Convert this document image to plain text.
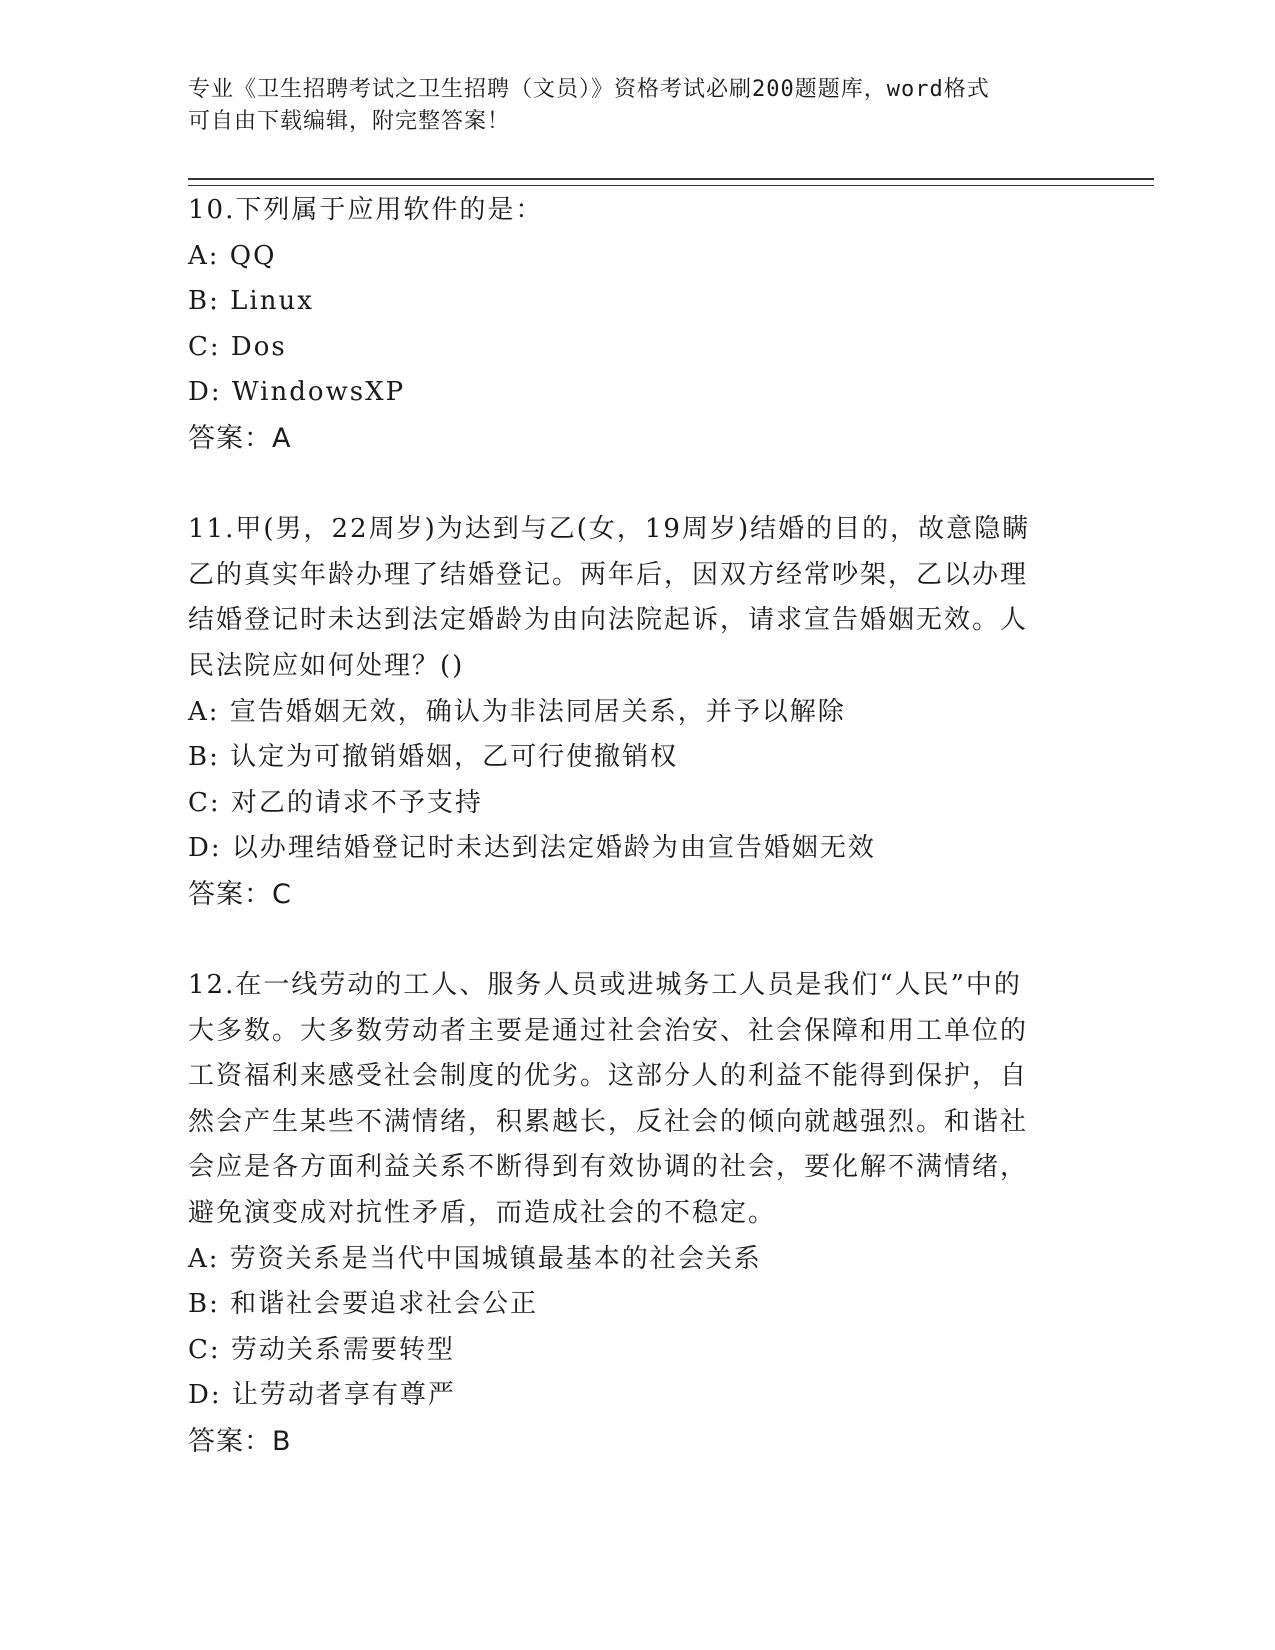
专业《卫生招聘考试之卫生招聘（文员）》资格考试必刷200题题库，word格式
可自由下载编辑，附完整答案！
10.下列属于应用软件的是：
A: QQ
B: Linux
C: Dos
D: WindowsXP
答案：A
11.甲(男，22周岁)为达到与乙(女，19周岁)结婚的目的，故意隐瞒
乙的真实年龄办理了结婚登记。两年后，因双方经常吵架，乙以办理
结婚登记时未达到法定婚龄为由向法院起诉，请求宣告婚姻无效。人
民法院应如何处理？()
A: 宣告婚姻无效，确认为非法同居关系，并予以解除
B: 认定为可撤销婚姻，乙可行使撤销权
C: 对乙的请求不予支持
D: 以办理结婚登记时未达到法定婚龄为由宣告婚姻无效
答案：C
12.在一线劳动的工人、服务人员或进城务工人员是我们“人民”中的
大多数。大多数劳动者主要是通过社会治安、社会保障和用工单位的
工资福利来感受社会制度的优劣。这部分人的利益不能得到保护，自
然会产生某些不满情绪，积累越长，反社会的倾向就越强烈。和谐社
会应是各方面利益关系不断得到有效协调的社会，要化解不满情绪，
避免演变成对抗性矛盾，而造成社会的不稳定。
A: 劳资关系是当代中国城镇最基本的社会关系
B: 和谐社会要追求社会公正
C: 劳动关系需要转型
D: 让劳动者享有尊严
答案：B
